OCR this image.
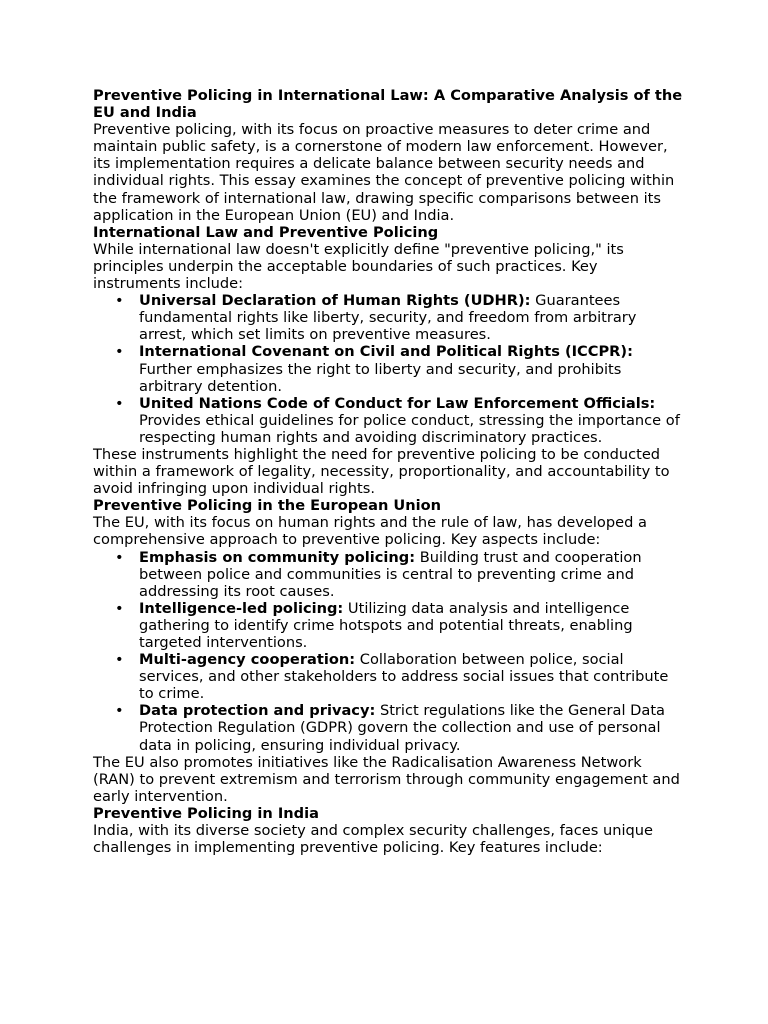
Preventive Policing in International Law: A Comparative Analysis of the EU and India

Preventive policing, with its focus on proactive measures to deter crime and maintain public safety, is a cornerstone of modern law enforcement. However, its implementation requires a delicate balance between security needs and individual rights. This essay examines the concept of preventive policing within the framework of international law, drawing specific comparisons between its application in the European Union (EU) and India.

International Law and Preventive Policing

While international law doesn't explicitly define "preventive policing," its principles underpin the acceptable boundaries of such practices. Key instruments include:

• Universal Declaration of Human Rights (UDHR): Guarantees fundamental rights like liberty, security, and freedom from arbitrary arrest, which set limits on preventive measures.
• International Covenant on Civil and Political Rights (ICCPR): Further emphasizes the right to liberty and security, and prohibits arbitrary detention.
• United Nations Code of Conduct for Law Enforcement Officials: Provides ethical guidelines for police conduct, stressing the importance of respecting human rights and avoiding discriminatory practices.

These instruments highlight the need for preventive policing to be conducted within a framework of legality, necessity, proportionality, and accountability to avoid infringing upon individual rights.

Preventive Policing in the European Union

The EU, with its focus on human rights and the rule of law, has developed a comprehensive approach to preventive policing. Key aspects include:

• Emphasis on community policing: Building trust and cooperation between police and communities is central to preventing crime and addressing its root causes.
• Intelligence-led policing: Utilizing data analysis and intelligence gathering to identify crime hotspots and potential threats, enabling targeted interventions.
• Multi-agency cooperation: Collaboration between police, social services, and other stakeholders to address social issues that contribute to crime.
• Data protection and privacy: Strict regulations like the General Data Protection Regulation (GDPR) govern the collection and use of personal data in policing, ensuring individual privacy.

The EU also promotes initiatives like the Radicalisation Awareness Network (RAN) to prevent extremism and terrorism through community engagement and early intervention.

Preventive Policing in India

India, with its diverse society and complex security challenges, faces unique challenges in implementing preventive policing. Key features include:
